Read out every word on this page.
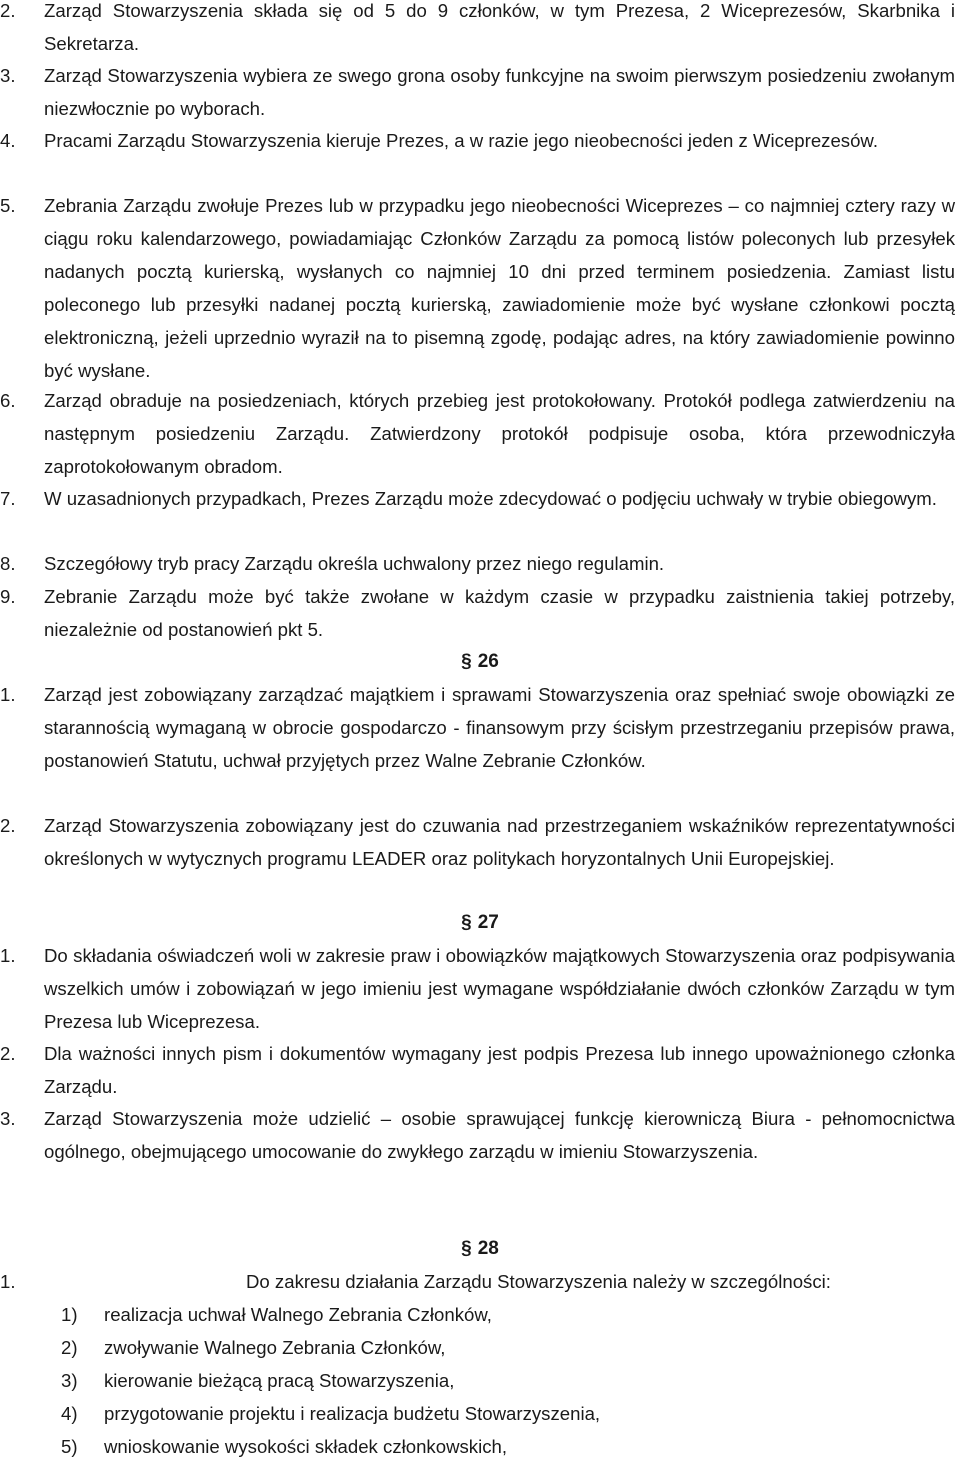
2.	Zarząd Stowarzyszenia składa się od 5 do 9 członków, w tym Prezesa, 2 Wiceprezesów, Skarbnika i Sekretarza.
3.	Zarząd Stowarzyszenia wybiera ze swego grona osoby funkcyjne na swoim pierwszym posiedzeniu zwołanym niezwłocznie po wyborach.
4.	Pracami Zarządu Stowarzyszenia kieruje Prezes, a w razie jego nieobecności jeden z Wiceprezesów.
5.	Zebrania Zarządu zwołuje Prezes lub w przypadku jego nieobecności Wiceprezes – co najmniej cztery razy w ciągu roku kalendarzowego, powiadamiając Członków Zarządu za pomocą listów poleconych lub przesyłek nadanych pocztą kurierską, wysłanych co najmniej 10 dni przed terminem posiedzenia. Zamiast listu poleconego lub przesyłki nadanej pocztą kurierską, zawiadomienie może być wysłane członkowi pocztą elektroniczną, jeżeli uprzednio wyraził na to pisemną zgodę, podając adres, na który zawiadomienie powinno być wysłane.
6.	Zarząd obraduje na posiedzeniach, których przebieg jest protokołowany. Protokół podlega zatwierdzeniu na następnym posiedzeniu Zarządu. Zatwierdzony protokół podpisuje osoba, która przewodniczyła zaprotokołowanym obradom.
7.	W uzasadnionych przypadkach, Prezes Zarządu może zdecydować o podjęciu uchwały w trybie obiegowym.
8.	Szczegółowy tryb pracy Zarządu określa uchwalony przez niego regulamin.
9.	Zebranie Zarządu może być także zwołane w każdym czasie w przypadku zaistnienia takiej potrzeby, niezależnie od postanowień pkt 5.
§ 26
1.	Zarząd jest zobowiązany zarządzać majątkiem i sprawami Stowarzyszenia oraz spełniać swoje obowiązki ze starannością wymaganą w obrocie gospodarczo - finansowym przy ścisłym przestrzeganiu przepisów prawa, postanowień Statutu, uchwał przyjętych przez Walne Zebranie Członków.
2.	Zarząd Stowarzyszenia zobowiązany jest do czuwania nad przestrzeganiem wskaźników reprezentatywności określonych w wytycznych programu LEADER oraz politykach horyzontalnych Unii Europejskiej.
§ 27
1.	Do składania oświadczeń woli w zakresie praw i obowiązków majątkowych Stowarzyszenia oraz podpisywania wszelkich umów i zobowiązań w jego imieniu jest wymagane współdziałanie dwóch członków Zarządu w tym Prezesa lub Wiceprezesa.
2.	Dla ważności innych pism i dokumentów wymagany jest podpis Prezesa lub innego upoważnionego członka Zarządu.
3.	Zarząd Stowarzyszenia może udzielić – osobie sprawującej funkcję kierowniczą Biura - pełnomocnictwa ogólnego, obejmującego umocowanie do zwykłego zarządu w imieniu Stowarzyszenia.
§ 28
1.	Do zakresu działania Zarządu Stowarzyszenia należy w szczególności:
1) realizacja uchwał Walnego Zebrania Członków,
2) zwoływanie Walnego Zebrania Członków,
3) kierowanie bieżącą pracą Stowarzyszenia,
4) przygotowanie projektu i realizacja budżetu Stowarzyszenia,
5) wnioskowanie wysokości składek członkowskich,
